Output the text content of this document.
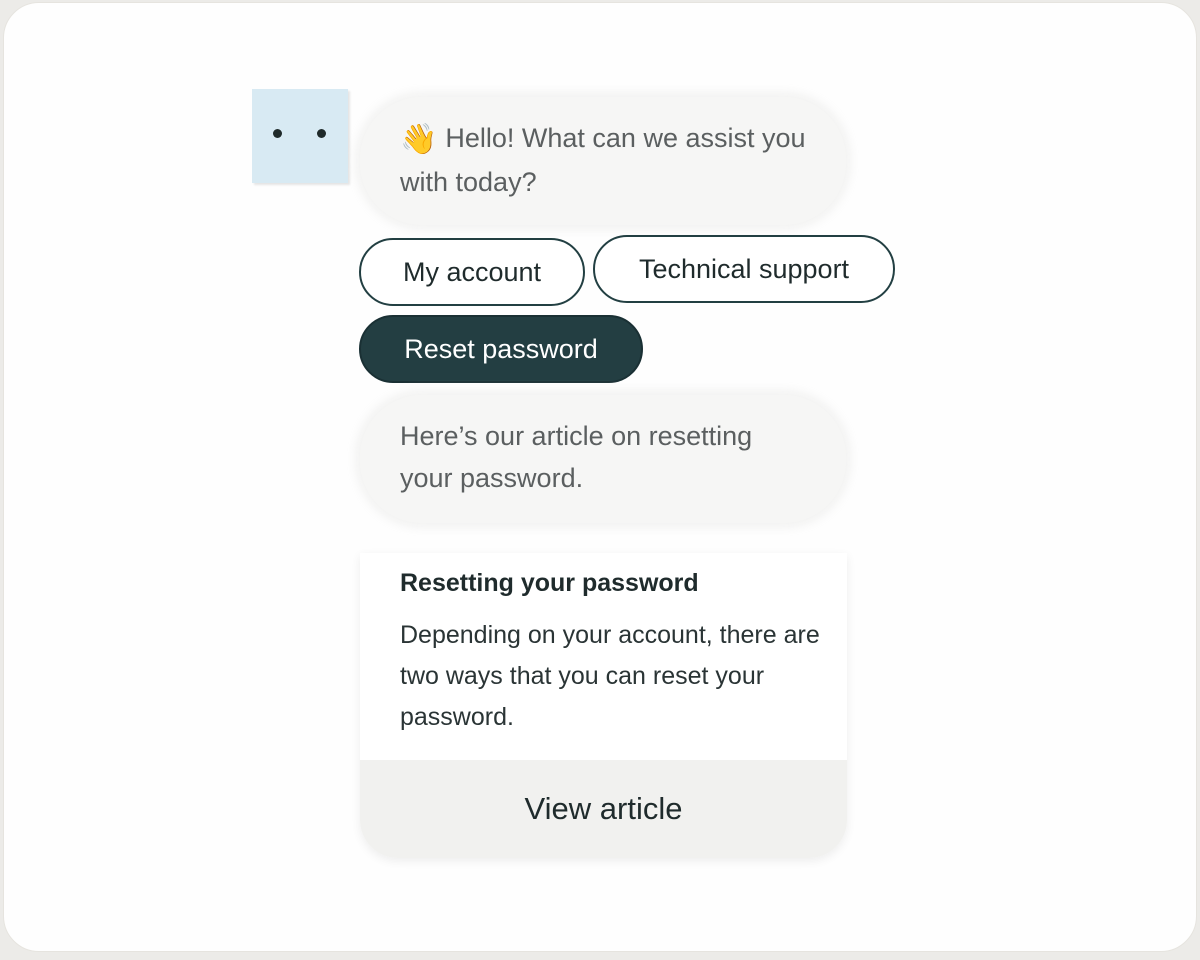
👋 Hello! What can we assist you with today?
My account	Technical support
Reset password
Here’s our article on resetting your password.
Resetting your password
Depending on your account, there are two ways that you can reset your password.
View article
